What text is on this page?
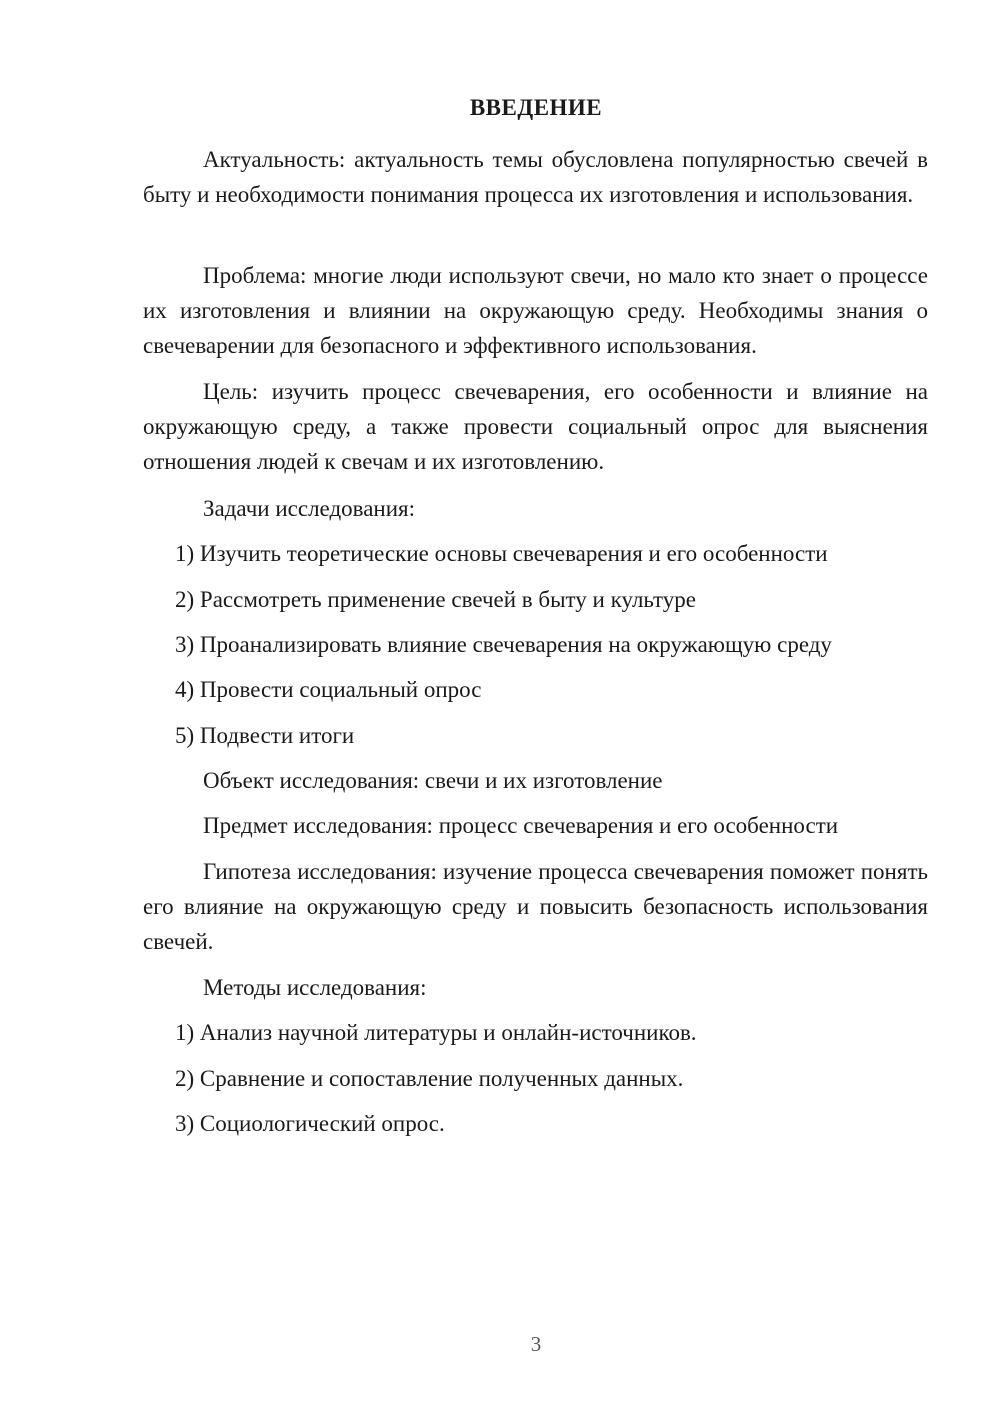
ВВЕДЕНИЕ

Актуальность: актуальность темы обусловлена популярностью свечей в быту и необходимости понимания процесса их изготовления и использования.

Проблема: многие люди используют свечи, но мало кто знает о процессе их изготовления и влиянии на окружающую среду. Необходимы знания о свечеварении для безопасного и эффективного использования.

Цель: изучить процесс свечеварения, его особенности и влияние на окружающую среду, а также провести социальный опрос для выяснения отношения людей к свечам и их изготовлению.

Задачи исследования:
1) Изучить теоретические основы свечеварения и его особенности
2) Рассмотреть применение свечей в быту и культуре
3) Проанализировать влияние свечеварения на окружающую среду
4) Провести социальный опрос
5) Подвести итоги
Объект исследования: свечи и их изготовление
Предмет исследования: процесс свечеварения и его особенности

Гипотеза исследования: изучение процесса свечеварения поможет понять его влияние на окружающую среду и повысить безопасность использования свечей.

Методы исследования:
1) Анализ научной литературы и онлайн-источников.
2) Сравнение и сопоставление полученных данных.
3) Социологический опрос.
3
